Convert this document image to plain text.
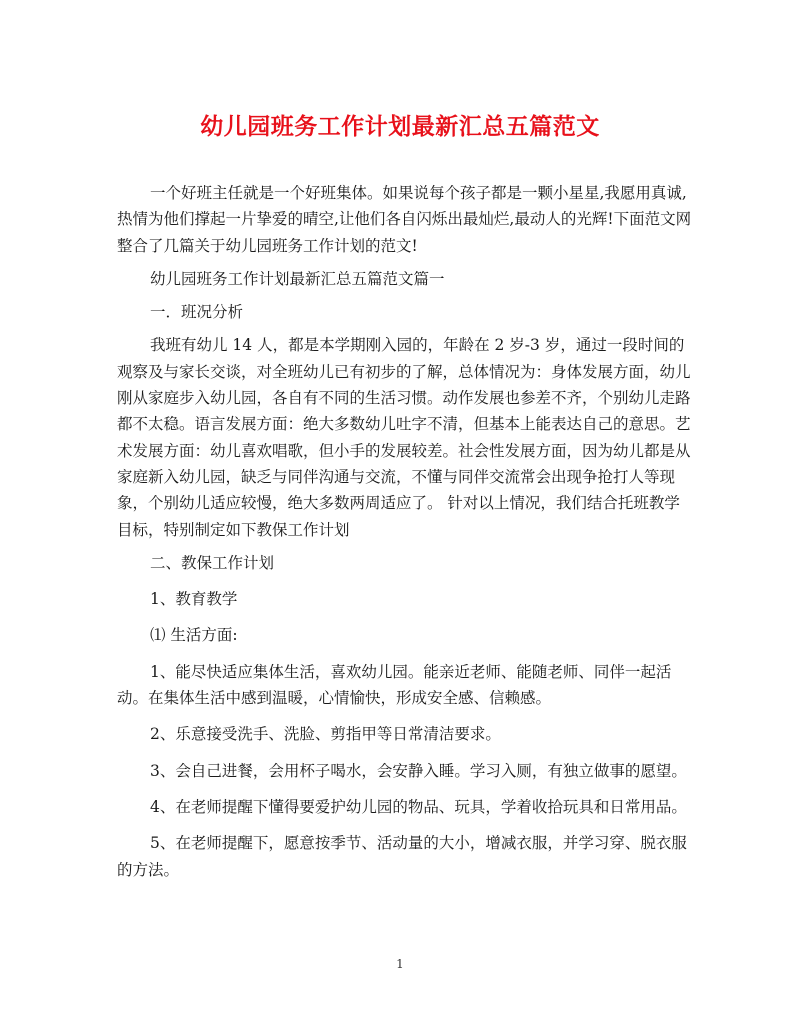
幼儿园班务工作计划最新汇总五篇范文

一个好班主任就是一个好班集体。如果说每个孩子都是一颗小星星,我愿用真诚,热情为他们撑起一片挚爱的晴空,让他们各自闪烁出最灿烂,最动人的光辉!下面范文网整合了几篇关于幼儿园班务工作计划的范文!

幼儿园班务工作计划最新汇总五篇范文篇一

一．班况分析

我班有幼儿 14 人，都是本学期刚入园的，年龄在 2 岁-3 岁，通过一段时间的观察及与家长交谈，对全班幼儿已有初步的了解，总体情况为：身体发展方面，幼儿刚从家庭步入幼儿园，各自有不同的生活习惯。动作发展也参差不齐，个别幼儿走路都不太稳。语言发展方面：绝大多数幼儿吐字不清，但基本上能表达自己的意思。艺术发展方面：幼儿喜欢唱歌，但小手的发展较差。社会性发展方面，因为幼儿都是从家庭新入幼儿园，缺乏与同伴沟通与交流，不懂与同伴交流常会出现争抢打人等现象，个别幼儿适应较慢，绝大多数两周适应了。 针对以上情况，我们结合托班教学目标，特别制定如下教保工作计划

二、教保工作计划

1、教育教学

⑴ 生活方面:

1、能尽快适应集体生活，喜欢幼儿园。能亲近老师、能随老师、同伴一起活动。在集体生活中感到温暖，心情愉快，形成安全感、信赖感。

2、乐意接受洗手、洗脸、剪指甲等日常清洁要求。

3、会自己进餐，会用杯子喝水，会安静入睡。学习入厕，有独立做事的愿望。

4、在老师提醒下懂得要爱护幼儿园的物品、玩具，学着收拾玩具和日常用品。

5、在老师提醒下，愿意按季节、活动量的大小，增减衣服，并学习穿、脱衣服的方法。

1
